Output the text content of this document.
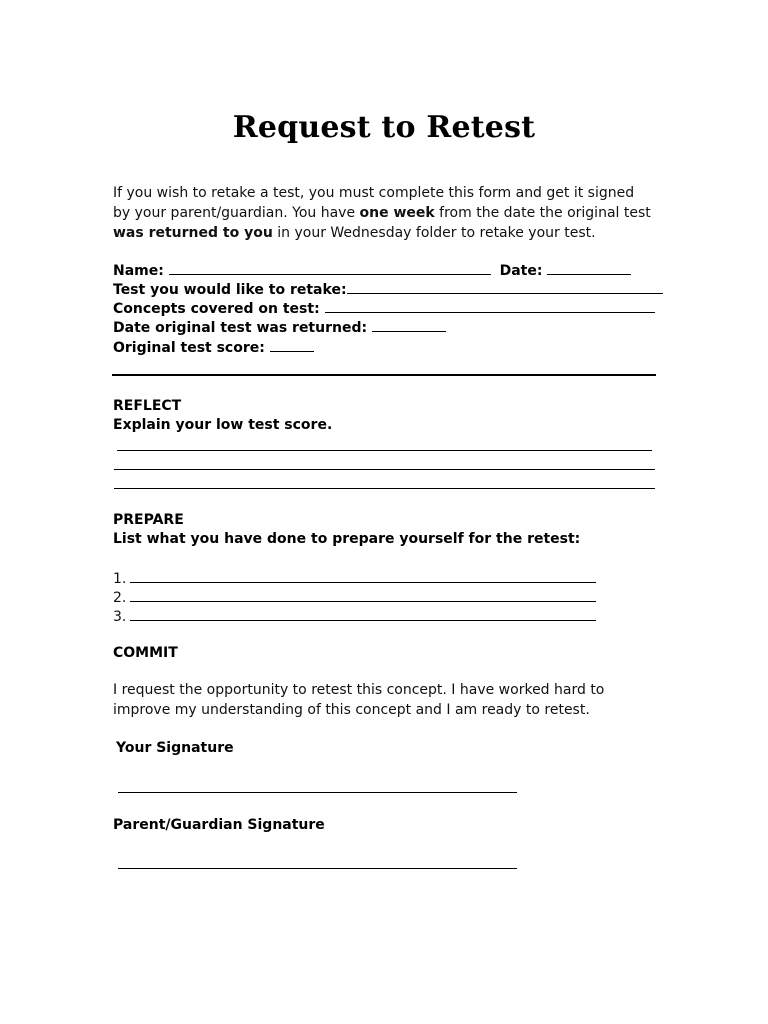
Request to Retest
If you wish to retake a test, you must complete this form and get it signed by your parent/guardian. You have one week from the date the original test was returned to you in your Wednesday folder to retake your test.
Name:	Date:
Test you would like to retake:
Concepts covered on test:
Date original test was returned:
Original test score:
REFLECT
Explain your low test score.
PREPARE
List what you have done to prepare yourself for the retest:
1.
2.
3.
COMMIT
I request the opportunity to retest this concept. I have worked hard to improve my understanding of this concept and I am ready to retest.
Your Signature
Parent/Guardian Signature
